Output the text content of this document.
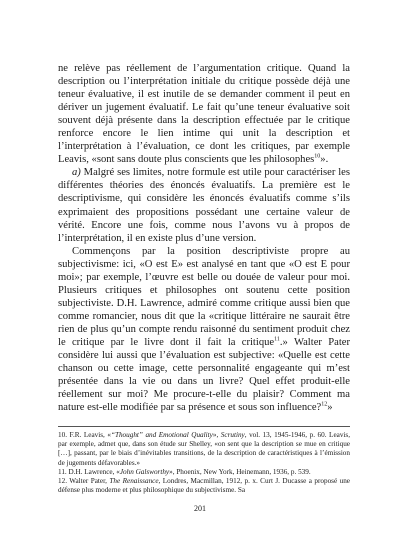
ne relève pas réellement de l’argumentation critique. Quand la description ou l’interprétation initiale du critique possède déjà une teneur évaluative, il est inutile de se demander comment il peut en dériver un jugement évaluatif. Le fait qu’une teneur évaluative soit souvent déjà présente dans la description effectuée par le critique renforce encore le lien intime qui unit la description et l’interprétation à l’évaluation, ce dont les critiques, par exemple Leavis, «sont sans doute plus conscients que les philosophes$^{10}$».

a) Malgré ses limites, notre formule est utile pour caractériser les différentes théories des énoncés évaluatifs. La première est le descriptivisme, qui considère les énoncés évaluatifs comme s’ils exprimaient des propositions possédant une certaine valeur de vérité. Encore une fois, comme nous l’avons vu à propos de l’interprétation, il en existe plus d’une version.

Commençons par la position descriptiviste propre au subjectivisme: ici, «O est E» est analysé en tant que «O est E pour moi»; par exemple, l’œuvre est belle ou douée de valeur pour moi. Plusieurs critiques et philosophes ont soutenu cette position subjectiviste. D.H. Lawrence, admiré comme critique aussi bien que comme romancier, nous dit que la «critique littéraire ne saurait être rien de plus qu’un compte rendu raisonné du sentiment produit chez le critique par le livre dont il fait la critique$^{11}$.» Walter Pater considère lui aussi que l’évaluation est subjective: «Quelle est cette chanson ou cette image, cette personnalité engageante qui m’est présentée dans la vie ou dans un livre? Quel effet produit-elle réellement sur moi? Me procure-t-elle du plaisir? Comment ma nature est-elle modifiée par sa présence et sous son influence?$^{12}$»

10. F.R. Leavis, «“Thought” and Emotional Quality», Scrutiny, vol. 13, 1945-1946, p. 60. Leavis, par exemple, admet que, dans son étude sur Shelley, «on sent que la description se mue en critique […], passant, par le biais d’inévitables transitions, de la description de caractéristiques à l’émission de jugements défavorables.»

11. D.H. Lawrence, «John Galsworthy», Phoenix, New York, Heinemann, 1936, p. 539.

12. Walter Pater, The Renaissance, Londres, Macmillan, 1912, p. x. Curt J. Ducasse a proposé une défense plus moderne et plus philosophique du subjectivisme. Sa

201
